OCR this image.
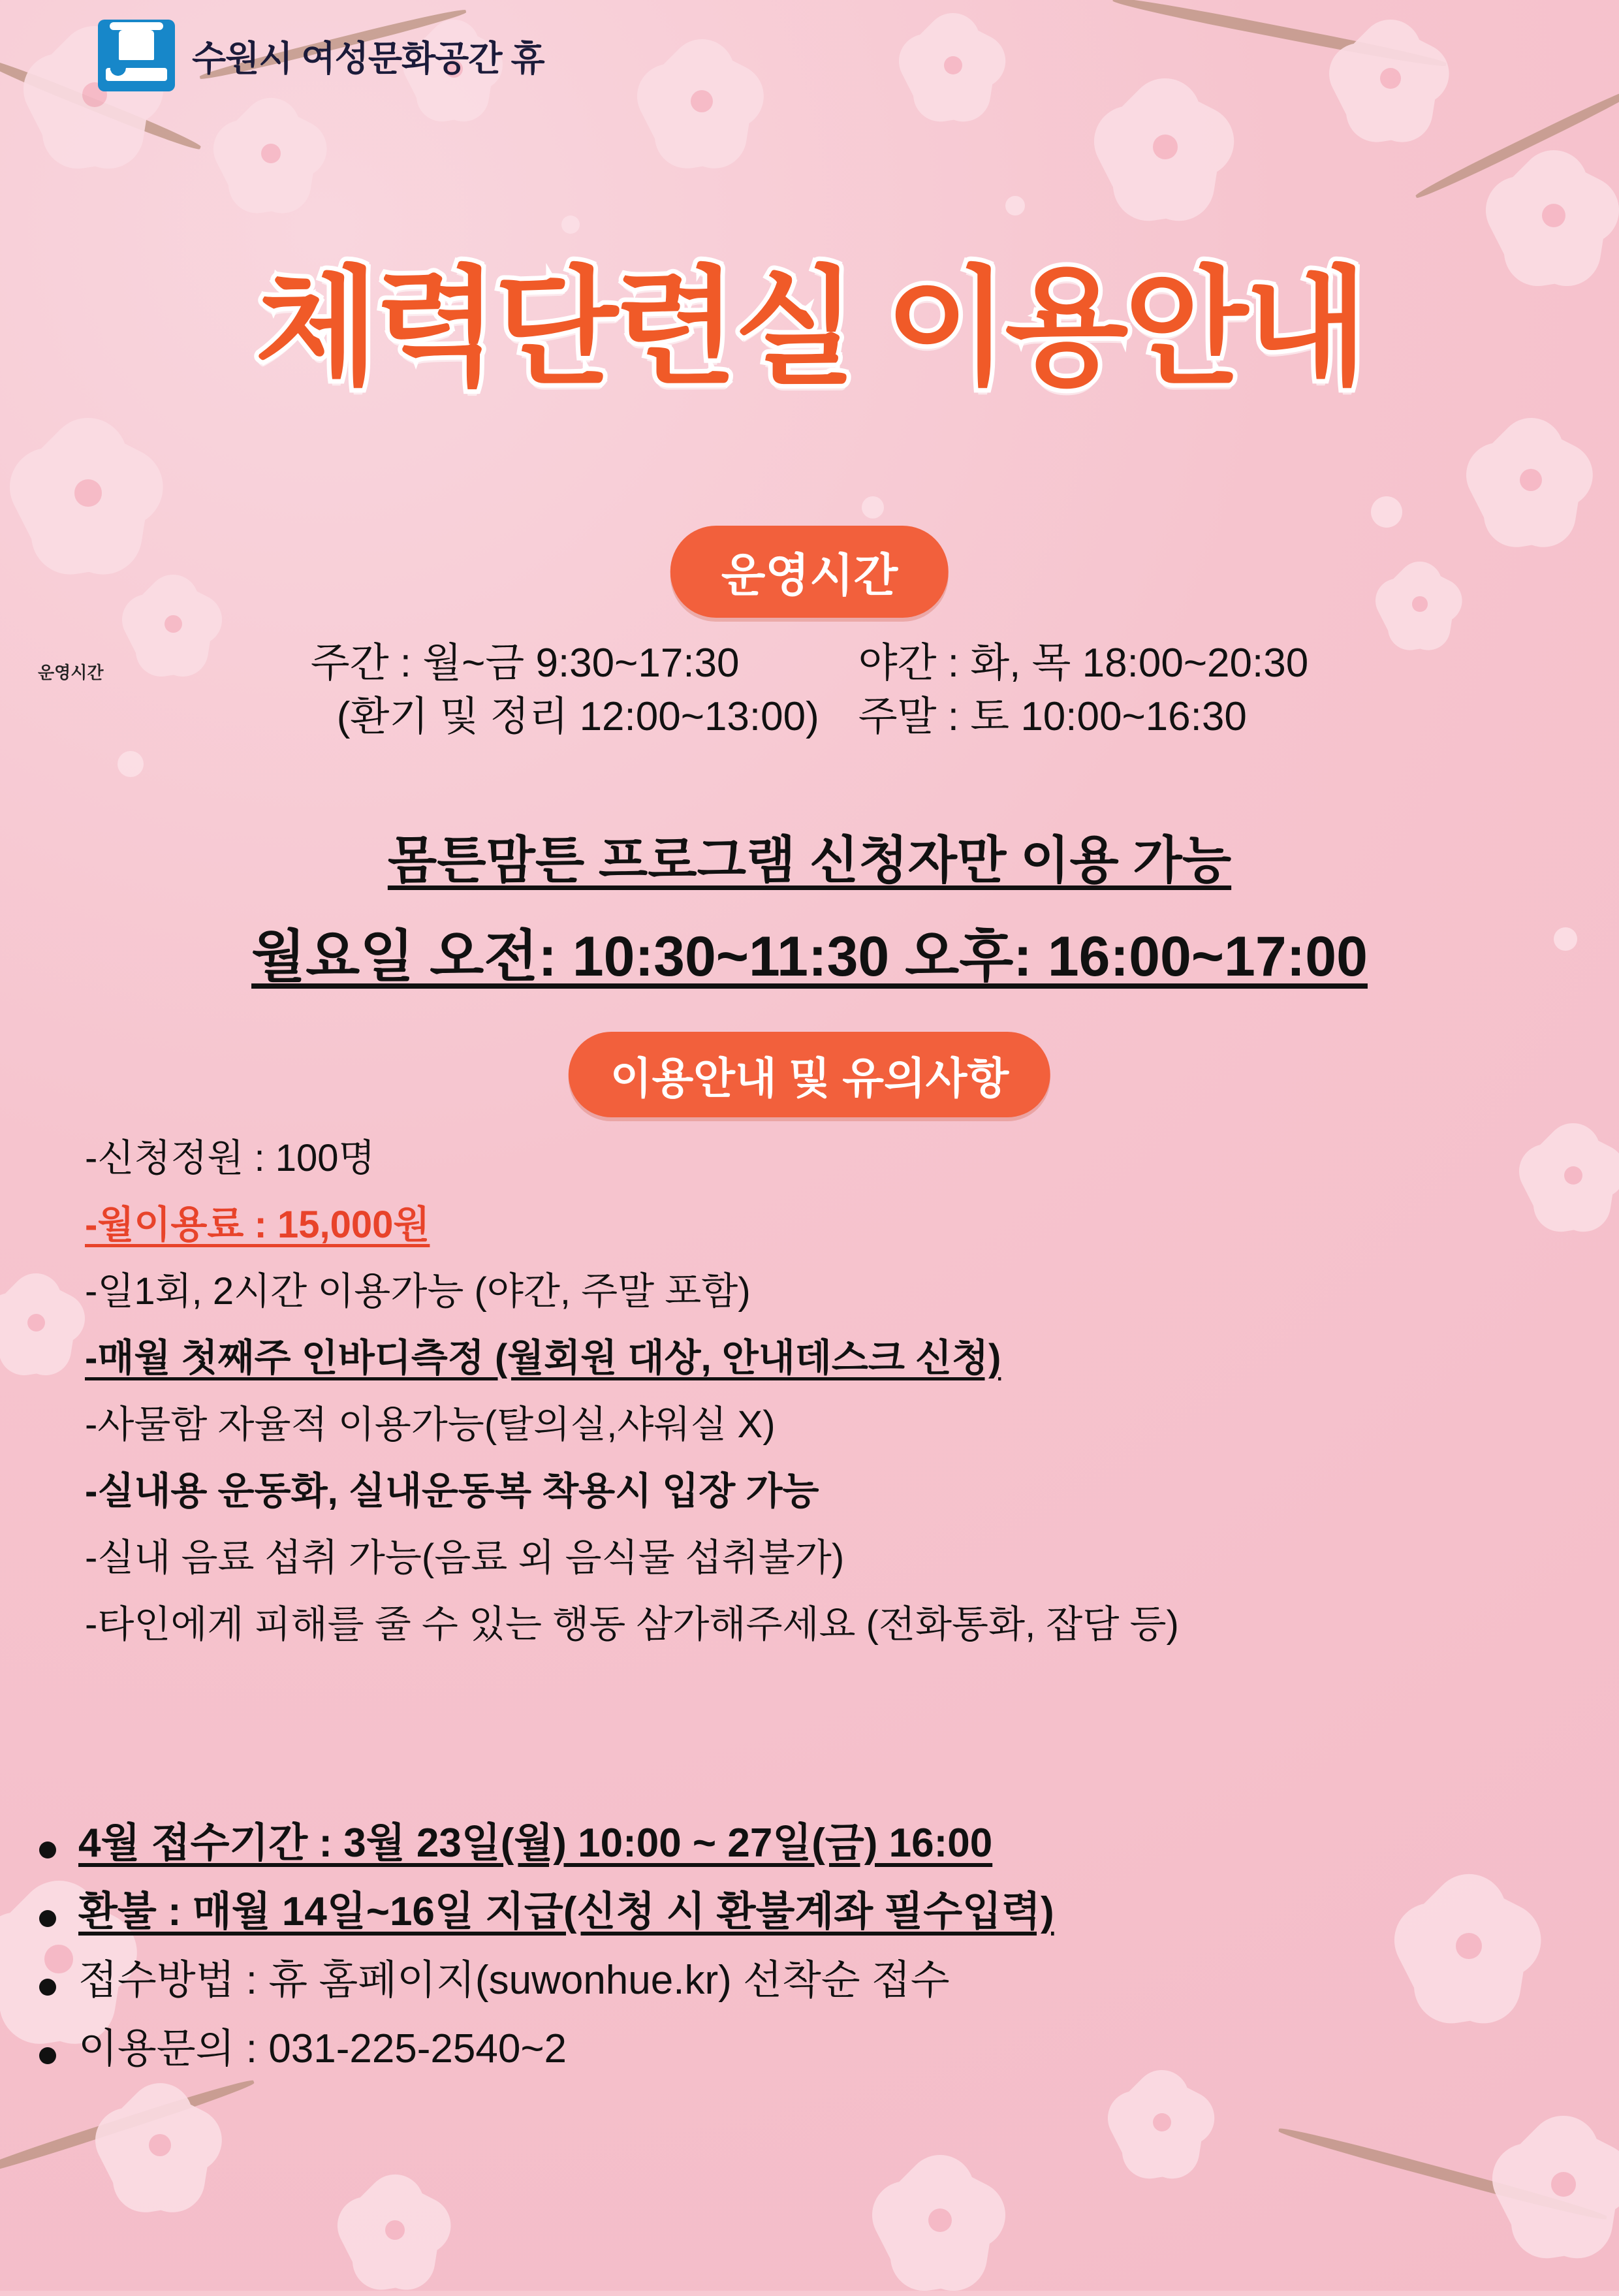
수원시 여성문화공간 휴
체력단련실 이용안내
운영시간
운영시간	주간 : 월~금 9:30~17:30
(환기 및 정리 12:00~13:00)
야간 : 화, 목 18:00~20:30
주말 : 토 10:00~16:30
몸튼맘튼 프로그램 신청자만 이용 가능
월요일 오전: 10:30~11:30 오후: 16:00~17:00
이용안내 및 유의사항
-신청정원 : 100명
-월이용료 : 15,000원
-일1회, 2시간 이용가능 (야간, 주말 포함)
-매월 첫째주 인바디측정 (월회원 대상, 안내데스크 신청)
-사물함 자율적 이용가능(탈의실,샤워실 X)
-실내용 운동화, 실내운동복 착용시 입장 가능
-실내 음료 섭취 가능(음료 외 음식물 섭취불가)
-타인에게 피해를 줄 수 있는 행동 삼가해주세요 (전화통화, 잡담 등)
4월 접수기간 : 3월 23일(월) 10:00 ~ 27일(금) 16:00
환불 : 매월 14일~16일 지급(신청 시 환불계좌 필수입력)
접수방법 : 휴 홈페이지(suwonhue.kr) 선착순 접수
이용문의 : 031-225-2540~2
